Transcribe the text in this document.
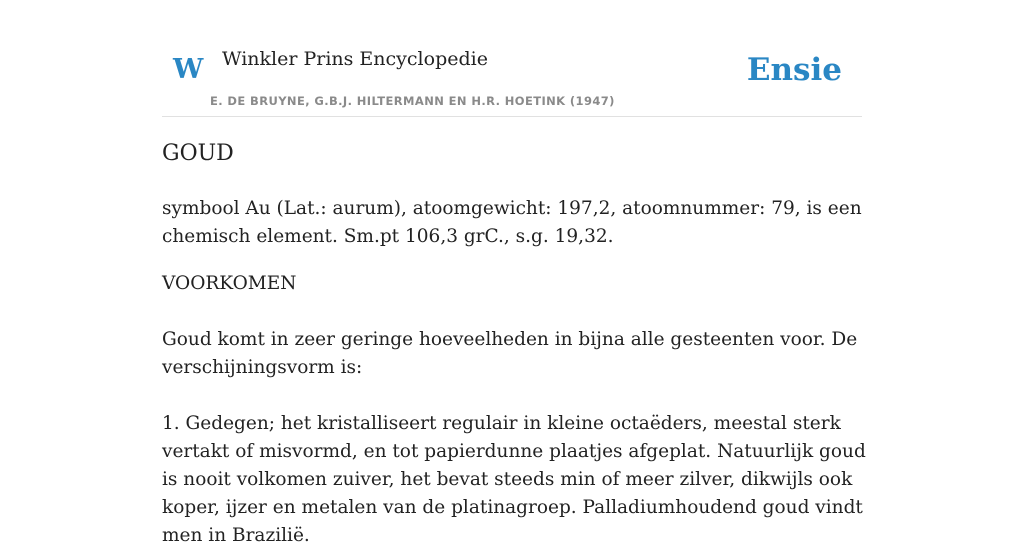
W Winkler Prins Encyclopedie
E. DE BRUYNE, G.B.J. HILTERMANN EN H.R. HOETINK (1947)
Ensie
GOUD

symbool Au (Lat.: aurum), atoomgewicht: 197,2, atoomnummer: 79, is een chemisch element. Sm.pt 106,3 grC., s.g. 19,32.

VOORKOMEN

Goud komt in zeer geringe hoeveelheden in bijna alle gesteenten voor. De verschijningsvorm is:

1. Gedegen; het kristalliseert regulair in kleine octaëders, meestal sterk vertakt of misvormd, en tot papierdunne plaatjes afgeplat. Natuurlijk goud is nooit volkomen zuiver, het bevat steeds min of meer zilver, dikwijls ook koper, ijzer en metalen van de platinagroep. Palladiumhoudend goud vindt men in Brazilië.
